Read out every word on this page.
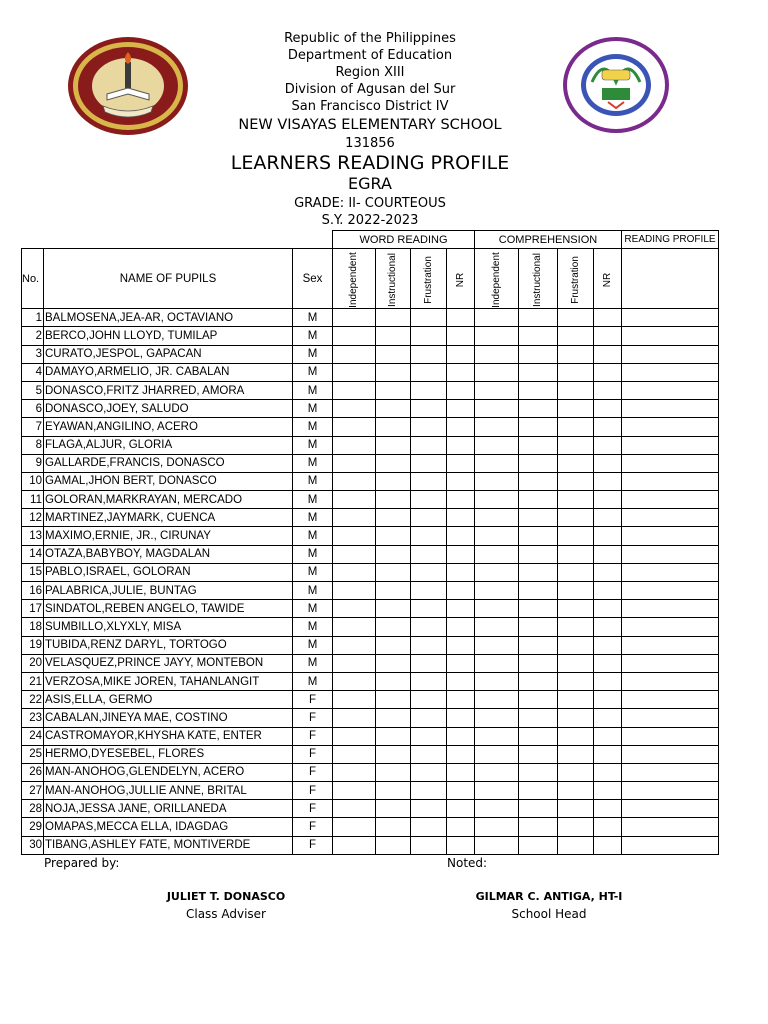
Republic of the Philippines
Department of Education
Region XIII
Division of Agusan del Sur
San Francisco District IV
NEW VISAYAS ELEMENTARY SCHOOL
131856
LEARNERS READING PROFILE
EGRA
GRADE: II- COURTEOUS
S.Y. 2022-2023
			WORD READING				COMPREHENSION				READING PROFILE
No.	NAME OF PUPILS	Sex	Independent	Instructional	Frustration	NR	Independent	Instructional	Frustration	NR	

1	BALMOSENA,JEA-AR, OCTAVIANO	M									
2	BERCO,JOHN LLOYD, TUMILAP	M									
3	CURATO,JESPOL, GAPACAN	M									
4	DAMAYO,ARMELIO, JR. CABALAN	M									
5	DONASCO,FRITZ JHARRED, AMORA	M									
6	DONASCO,JOEY, SALUDO	M									
7	EYAWAN,ANGILINO, ACERO	M									
8	FLAGA,ALJUR, GLORIA	M									
9	GALLARDE,FRANCIS, DONASCO	M									
10	GAMAL,JHON BERT, DONASCO	M									
11	GOLORAN,MARKRAYAN, MERCADO	M									
12	MARTINEZ,JAYMARK, CUENCA	M									
13	MAXIMO,ERNIE, JR., CIRUNAY	M									
14	OTAZA,BABYBOY, MAGDALAN	M									
15	PABLO,ISRAEL, GOLORAN	M									
16	PALABRICA,JULIE, BUNTAG	M									
17	SINDATOL,REBEN ANGELO, TAWIDE	M									
18	SUMBILLO,XLYXLY, MISA	M									
19	TUBIDA,RENZ DARYL, TORTOGO	M									
20	VELASQUEZ,PRINCE JAYY, MONTEBON	M									
21	VERZOSA,MIKE JOREN, TAHANLANGIT	M									
22	ASIS,ELLA, GERMO	F									
23	CABALAN,JINEYA MAE, COSTINO	F									
24	CASTROMAYOR,KHYSHA KATE, ENTER	F									
25	HERMO,DYESEBEL, FLORES	F									
26	MAN-ANOHOG,GLENDELYN, ACERO	F									
27	MAN-ANOHOG,JULLIE ANNE, BRITAL	F									
28	NOJA,JESSA JANE, ORILLANEDA	F									
29	OMAPAS,MECCA ELLA, IDAGDAG	F									
30	TIBANG,ASHLEY FATE, MONTIVERDE	F									
Prepared by:	Noted:
JULIET T. DONASCO
Class Adviser
GILMAR C. ANTIGA, HT-I
School Head
